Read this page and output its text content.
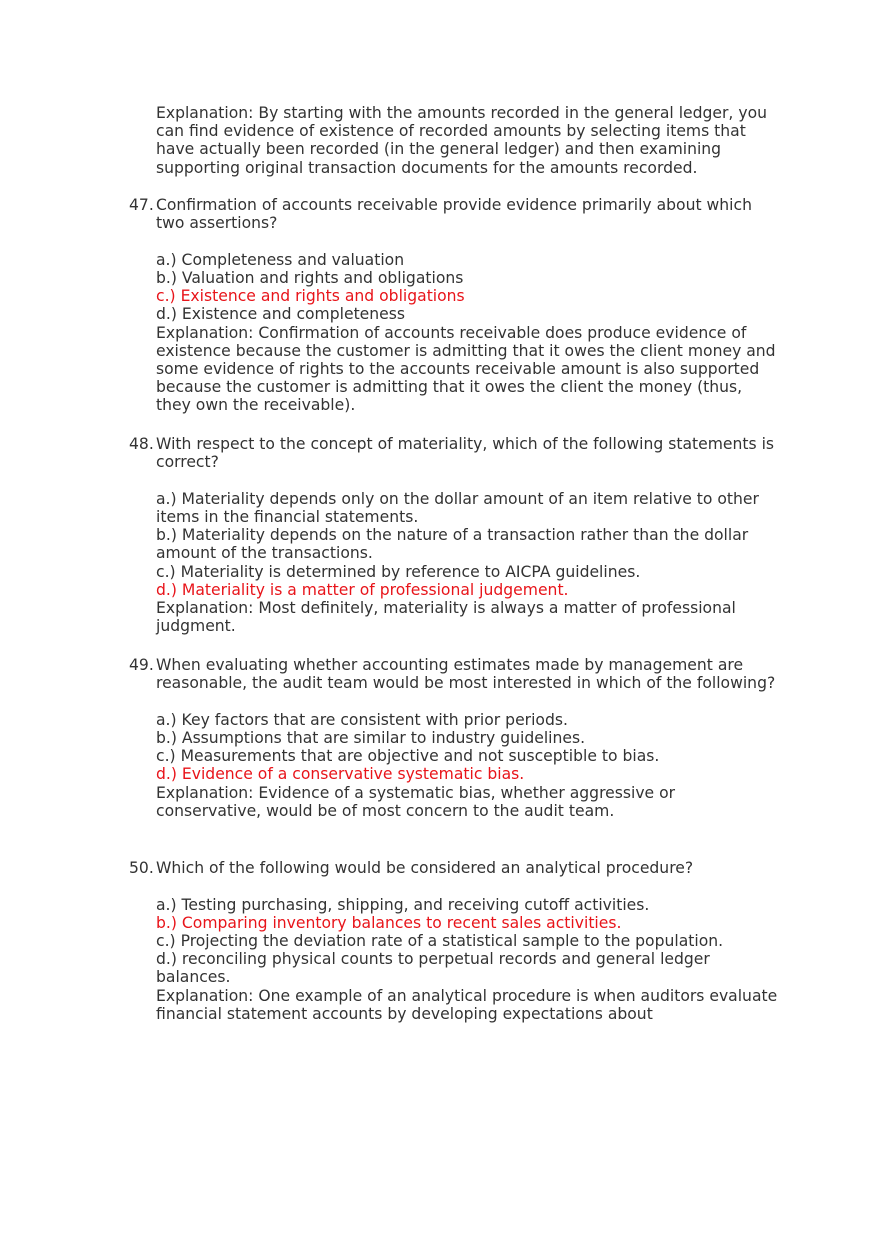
Explanation: By starting with the amounts recorded in the general ledger, you can find evidence of existence of recorded amounts by selecting items that have actually been recorded (in the general ledger) and then examining supporting original transaction documents for the amounts recorded.
47. Confirmation of accounts receivable provide evidence primarily about which two assertions?
a.) Completeness and valuation
b.) Valuation and rights and obligations
c.) Existence and rights and obligations
d.) Existence and completeness
Explanation: Confirmation of accounts receivable does produce evidence of existence because the customer is admitting that it owes the client money and some evidence of rights to the accounts receivable amount is also supported because the customer is admitting that it owes the client the money (thus, they own the receivable).
48. With respect to the concept of materiality, which of the following statements is correct?
a.) Materiality depends only on the dollar amount of an item relative to other items in the financial statements.
b.) Materiality depends on the nature of a transaction rather than the dollar amount of the transactions.
c.) Materiality is determined by reference to AICPA guidelines.
d.) Materiality is a matter of professional judgement.
Explanation: Most definitely, materiality is always a matter of professional judgment.
49. When evaluating whether accounting estimates made by management are reasonable, the audit team would be most interested in which of the following?
a.) Key factors that are consistent with prior periods.
b.) Assumptions that are similar to industry guidelines.
c.) Measurements that are objective and not susceptible to bias.
d.) Evidence of a conservative systematic bias.
Explanation: Evidence of a systematic bias, whether aggressive or conservative, would be of most concern to the audit team.
50. Which of the following would be considered an analytical procedure?
a.) Testing purchasing, shipping, and receiving cutoff activities.
b.) Comparing inventory balances to recent sales activities.
c.) Projecting the deviation rate of a statistical sample to the population.
d.) reconciling physical counts to perpetual records and general ledger balances.
Explanation: One example of an analytical procedure is when auditors evaluate financial statement accounts by developing expectations about
